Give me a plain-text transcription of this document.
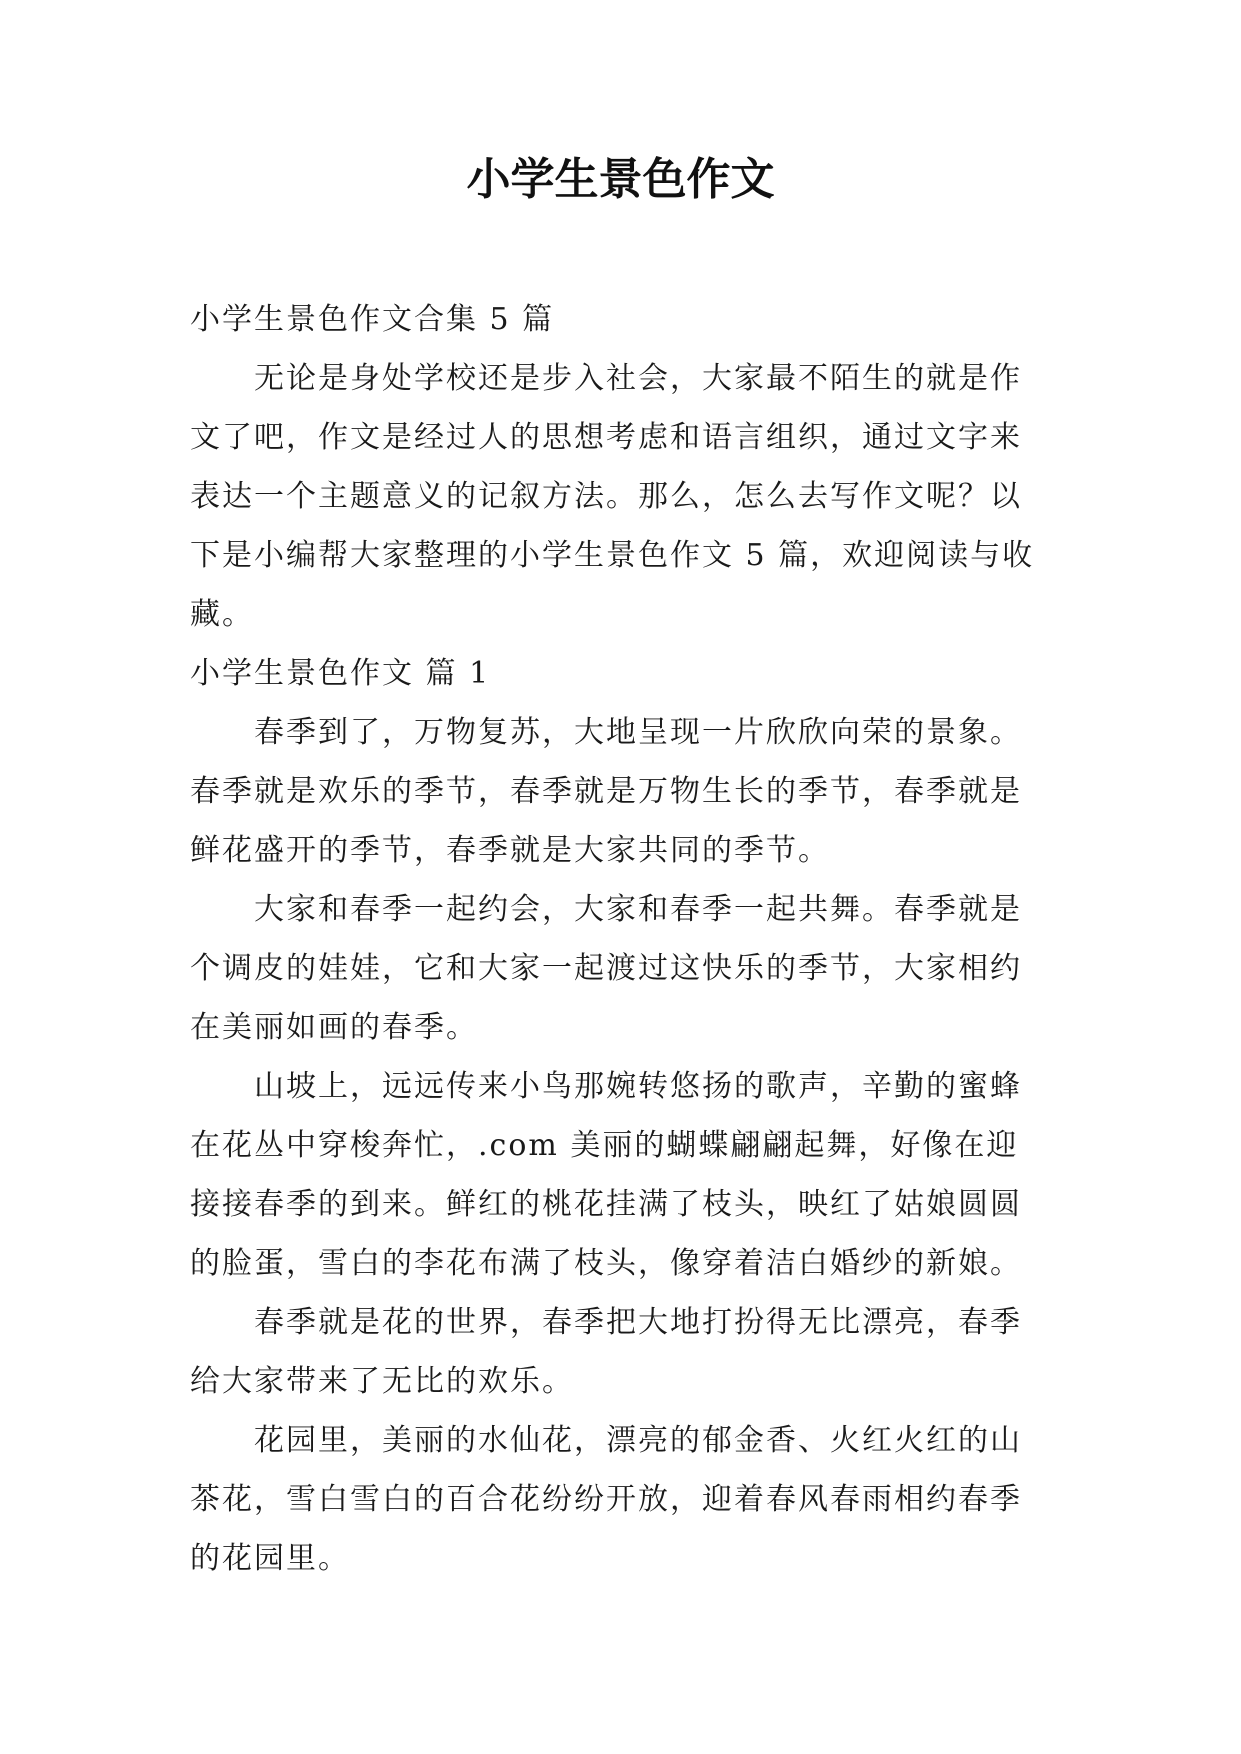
小学生景色作文

小学生景色作文合集 5 篇

无论是身处学校还是步入社会，大家最不陌生的就是作文了吧，作文是经过人的思想考虑和语言组织，通过文字来表达一个主题意义的记叙方法。那么，怎么去写作文呢？以下是小编帮大家整理的小学生景色作文 5 篇，欢迎阅读与收藏。

小学生景色作文 篇 1

春季到了，万物复苏，大地呈现一片欣欣向荣的景象。春季就是欢乐的季节，春季就是万物生长的季节，春季就是鲜花盛开的季节，春季就是大家共同的季节。

大家和春季一起约会，大家和春季一起共舞。春季就是个调皮的娃娃，它和大家一起渡过这快乐的季节，大家相约在美丽如画的春季。

山坡上，远远传来小鸟那婉转悠扬的歌声，辛勤的蜜蜂在花丛中穿梭奔忙，.com 美丽的蝴蝶翩翩起舞，好像在迎接接春季的到来。鲜红的桃花挂满了枝头，映红了姑娘圆圆的脸蛋，雪白的李花布满了枝头，像穿着洁白婚纱的新娘。

春季就是花的世界，春季把大地打扮得无比漂亮，春季给大家带来了无比的欢乐。

花园里，美丽的水仙花，漂亮的郁金香、火红火红的山茶花，雪白雪白的百合花纷纷开放，迎着春风春雨相约春季的花园里。
